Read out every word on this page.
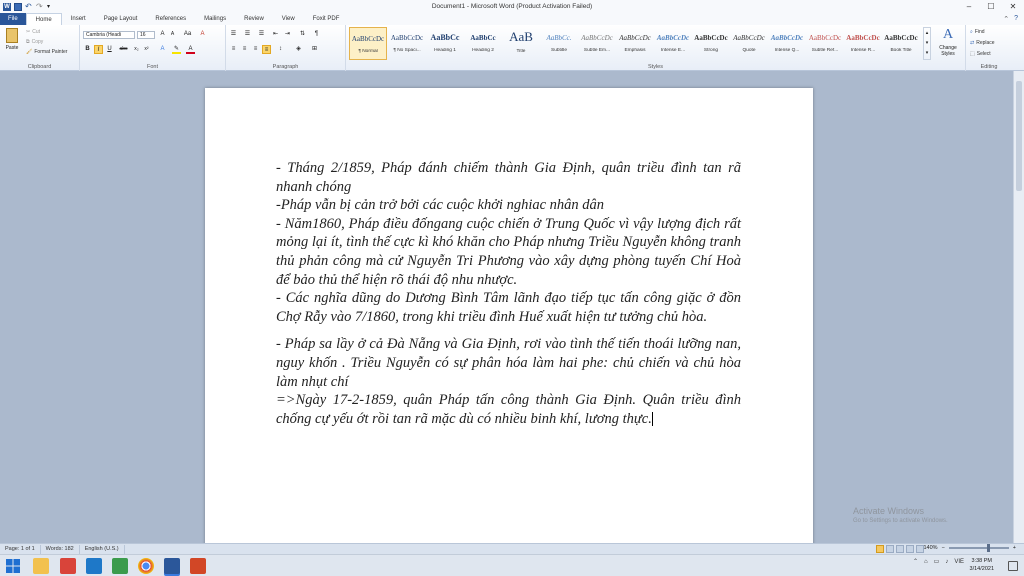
W ↶ ↷ ▾	Document1 - Microsoft Word (Product Activation Failed)	–	☐	✕
File	Home	Insert	Page Layout	References	Mailings	Review	View	Foxit PDF	⌃ ?
Paste
✂ Cut
⧉ Copy
🖌 Format Painter
Clipboard
Cambria (Headi	16	A	A	Aa	A
B	I	U	abc	x₂	x²	A	✎	A
Font
☰	☰	☰	⇤	⇥	⇅	¶
≡	≡	≡	≡	↕	◈	⊞
Paragraph
AaBbCcDc
¶ Normal
AaBbCcDc
¶ No Spaci...
AaBbCc
Heading 1
AaBbCc
Heading 2
AaB
Title
AaBbCc.
Subtitle
AaBbCcDc
Subtle Em...
AaBbCcDc
Emphasis
AaBbCcDc
Intense E...
AaBbCcDc
Strong
AaBbCcDc
Quote
AaBbCcDc
Intense Q...
AaBbCcDc
Subtle Ref...
AaBbCcDc
Intense R...
AaBbCcDc
Book Title
▴
▾
▾
A
Change Styles
Styles
⌕ Find
⇄ Replace
⬚ Select
Editing

- Tháng 2/1859, Pháp đánh chiếm thành Gia Định, quân triều đình tan rã nhanh chóng

-Pháp vẫn bị cản trở bởi các cuộc khởi nghiac nhân dân

- Năm1860, Pháp điều đốngang cuộc chiến ở Trung Quốc vì vậy lượng địch rất mỏng lại ít, tình thế cực kì khó khăn cho Pháp nhưng Triều Nguyễn không tranh thủ phản công mà cử Nguyễn Tri Phương vào xây dựng phòng tuyến Chí Hoà để bảo thủ thể hiện rõ thái độ nhu nhược.

- Các nghĩa dũng do Dương Bình Tâm lãnh đạo tiếp tục tấn công giặc ở đồn Chợ Rẫy vào 7/1860, trong khi triều đình Huế xuất hiện tư tưởng chủ hòa.

- Pháp sa lầy ở cả Đà Nẵng và Gia Định, rơi vào tình thế tiến thoái lưỡng nan, nguy khốn . Triều Nguyễn có sự phân hóa làm hai phe: chủ chiến và chủ hòa làm nhụt chí

=>Ngày 17-2-1859, quân Pháp tấn công thành Gia Định. Quân triều đình chống cự yếu ớt rồi tan rã mặc dù có nhiều binh khí, lương thực.

Activate Windows
Go to Settings to activate Windows.
Page: 1 of 1	Words: 182	English (U.S.)	140% −	+
⌃ ⌂ ▭ ♪ VIE	3:38 PM
3/14/2021
